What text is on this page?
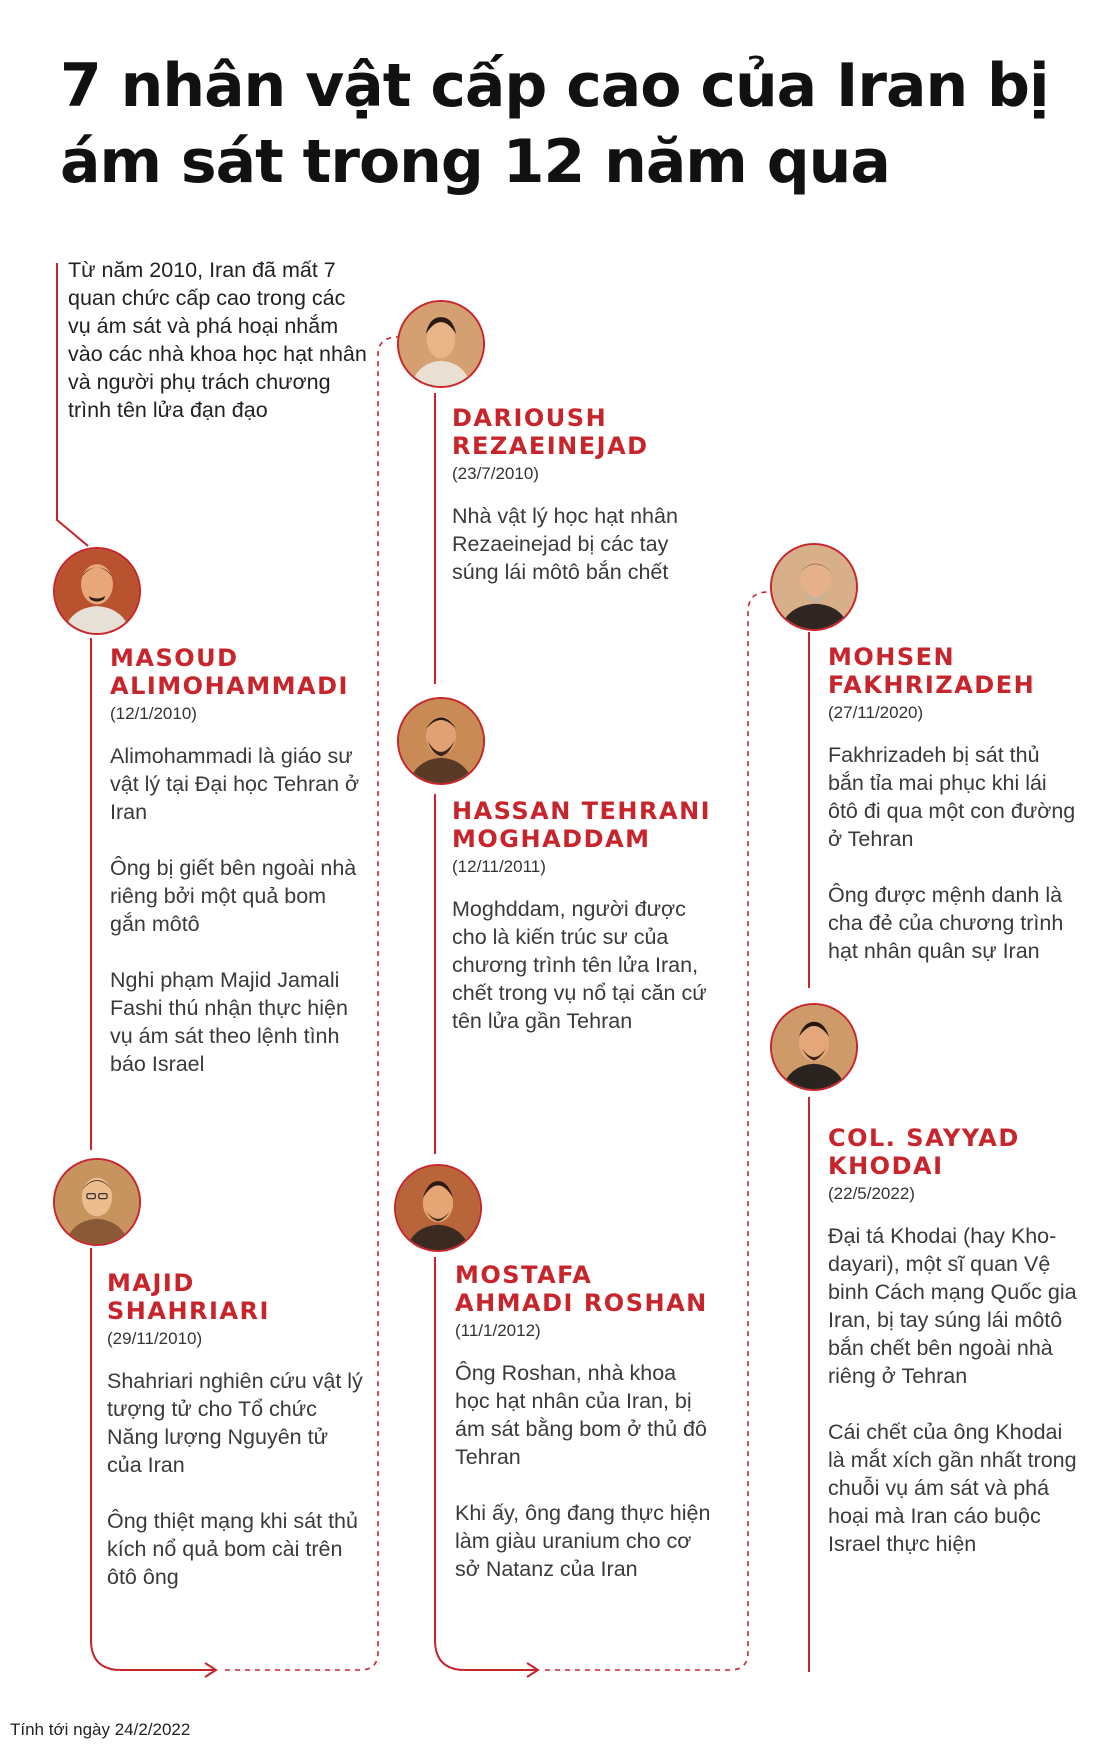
7 nhân vật cấp cao của Iran bị ám sát trong 12 năm qua
Từ năm 2010, Iran đã mất 7 quan chức cấp cao trong các vụ ám sát và phá hoại nhắm vào các nhà khoa học hạt nhân và người phụ trách chương trình tên lửa đạn đạo
MASOUD ALIMOHAMMADI
(12/1/2010)
Alimohammadi là giáo sư vật lý tại Đại học Tehran ở Iran
Ông bị giết bên ngoài nhà riêng bởi một quả bom gắn môtô
Nghi phạm Majid Jamali Fashi thú nhận thực hiện vụ ám sát theo lệnh tình báo Israel
MAJID SHAHRIARI
(29/11/2010)
Shahriari nghiên cứu vật lý tượng tử cho Tổ chức Năng lượng Nguyên tử của Iran
Ông thiệt mạng khi sát thủ kích nổ quả bom cài trên ôtô ông
DARIOUSH REZAEINEJAD
(23/7/2010)
Nhà vật lý học hạt nhân Rezaeinejad bị các tay súng lái môtô bắn chết
HASSAN TEHRANI MOGHADDAM
(12/11/2011)
Moghddam, người được cho là kiến trúc sư của chương trình tên lửa Iran, chết trong vụ nổ tại căn cứ tên lửa gần Tehran
MOSTAFA AHMADI ROSHAN
(11/1/2012)
Ông Roshan, nhà khoa học hạt nhân của Iran, bị ám sát bằng bom ở thủ đô Tehran
Khi ấy, ông đang thực hiện làm giàu uranium cho cơ sở Natanz của Iran
MOHSEN FAKHRIZADEH
(27/11/2020)
Fakhrizadeh bị sát thủ bắn tỉa mai phục khi lái ôtô đi qua một con đường ở Tehran
Ông được mệnh danh là cha đẻ của chương trình hạt nhân quân sự Iran
COL. SAYYAD KHODAI
(22/5/2022)
Đại tá Khodai (hay Kho-dayari), một sĩ quan Vệ binh Cách mạng Quốc gia Iran, bị tay súng lái môtô bắn chết bên ngoài nhà riêng ở Tehran
Cái chết của ông Khodai là mắt xích gần nhất trong chuỗi vụ ám sát và phá hoại mà Iran cáo buộc Israel thực hiện
Tính tới ngày 24/2/2022
